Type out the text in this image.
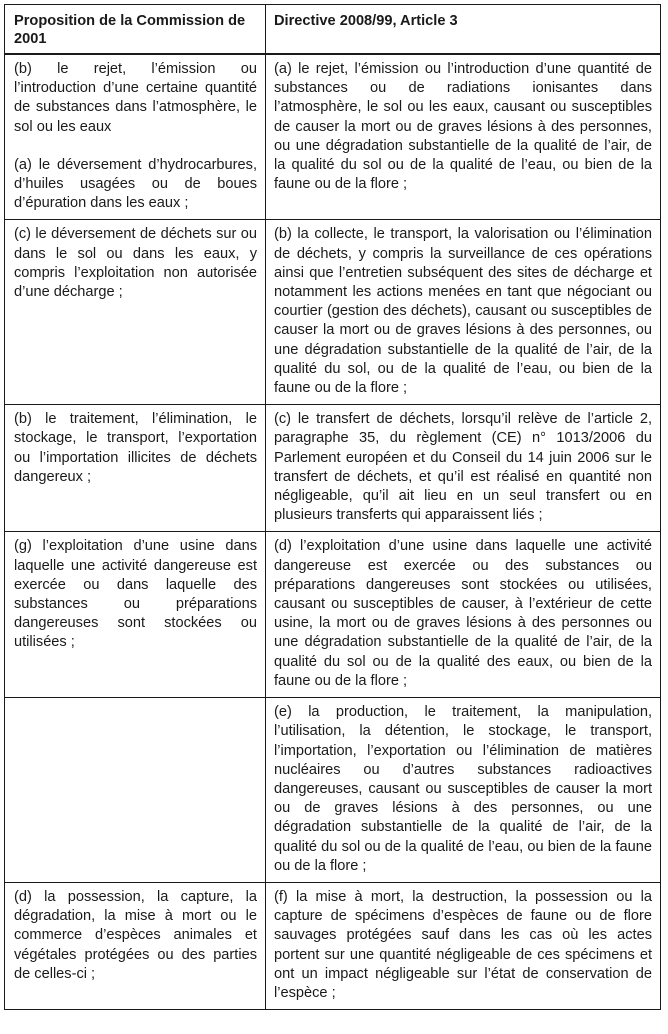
Proposition de la Commission de 2001
Directive 2008/99, Article 3

(b) le rejet, l’émission ou l’introduction d’une certaine quantité de substances dans l’atmosphère, le sol ou les eaux

(a) le déversement d’hydrocarbures, d’huiles usagées ou de boues d’épuration dans les eaux ;

(a) le rejet, l’émission ou l’introduction d’une quantité de substances ou de radiations ionisantes dans l’atmosphère, le sol ou les eaux, causant ou susceptibles de causer la mort ou de graves lésions à des personnes, ou une dégradation substantielle de la qualité de l’air, de la qualité du sol ou de la qualité de l’eau, ou bien de la faune ou de la flore ;

(c) le déversement de déchets sur ou dans le sol ou dans les eaux, y compris l’exploitation non autorisée d’une décharge ;

(b) la collecte, le transport, la valorisation ou l’élimination de déchets, y compris la surveillance de ces opérations ainsi que l’entretien subséquent des sites de décharge et notamment les actions menées en tant que négociant ou courtier (gestion des déchets), causant ou susceptibles de causer la mort ou de graves lésions à des personnes, ou une dégradation substantielle de la qualité de l’air, de la qualité du sol, ou de la qualité de l’eau, ou bien de la faune ou de la flore ;

(b) le traitement, l’élimination, le stockage, le transport, l’exportation ou l’importation illicites de déchets dangereux ;

(c) le transfert de déchets, lorsqu’il relève de l’article 2, paragraphe 35, du règlement (CE) n° 1013/2006 du Parlement européen et du Conseil du 14 juin 2006 sur le transfert de déchets, et qu’il est réalisé en quantité non négligeable, qu’il ait lieu en un seul transfert ou en plusieurs transferts qui apparaissent liés ;

(g) l’exploitation d’une usine dans laquelle une activité dangereuse est exercée ou dans laquelle des substances ou préparations dangereuses sont stockées ou utilisées ;

(d) l’exploitation d’une usine dans laquelle une activité dangereuse est exercée ou des substances ou préparations dangereuses sont stockées ou utilisées, causant ou susceptibles de causer, à l’extérieur de cette usine, la mort ou de graves lésions à des personnes ou une dégradation substantielle de la qualité de l’air, de la qualité du sol ou de la qualité des eaux, ou bien de la faune ou de la flore ;

(e) la production, le traitement, la manipulation, l’utilisation, la détention, le stockage, le transport, l’importation, l’exportation ou l’élimination de matières nucléaires ou d’autres substances radioactives dangereuses, causant ou susceptibles de causer la mort ou de graves lésions à des personnes, ou une dégradation substantielle de la qualité de l’air, de la qualité du sol ou de la qualité de l’eau, ou bien de la faune ou de la flore ;

(d) la possession, la capture, la dégradation, la mise à mort ou le commerce d’espèces animales et végétales protégées ou des parties de celles-ci ;

(f) la mise à mort, la destruction, la possession ou la capture de spécimens d’espèces de faune ou de flore sauvages protégées sauf dans les cas où les actes portent sur une quantité négligeable de ces spécimens et ont un impact négligeable sur l’état de conservation de l’espèce ;
